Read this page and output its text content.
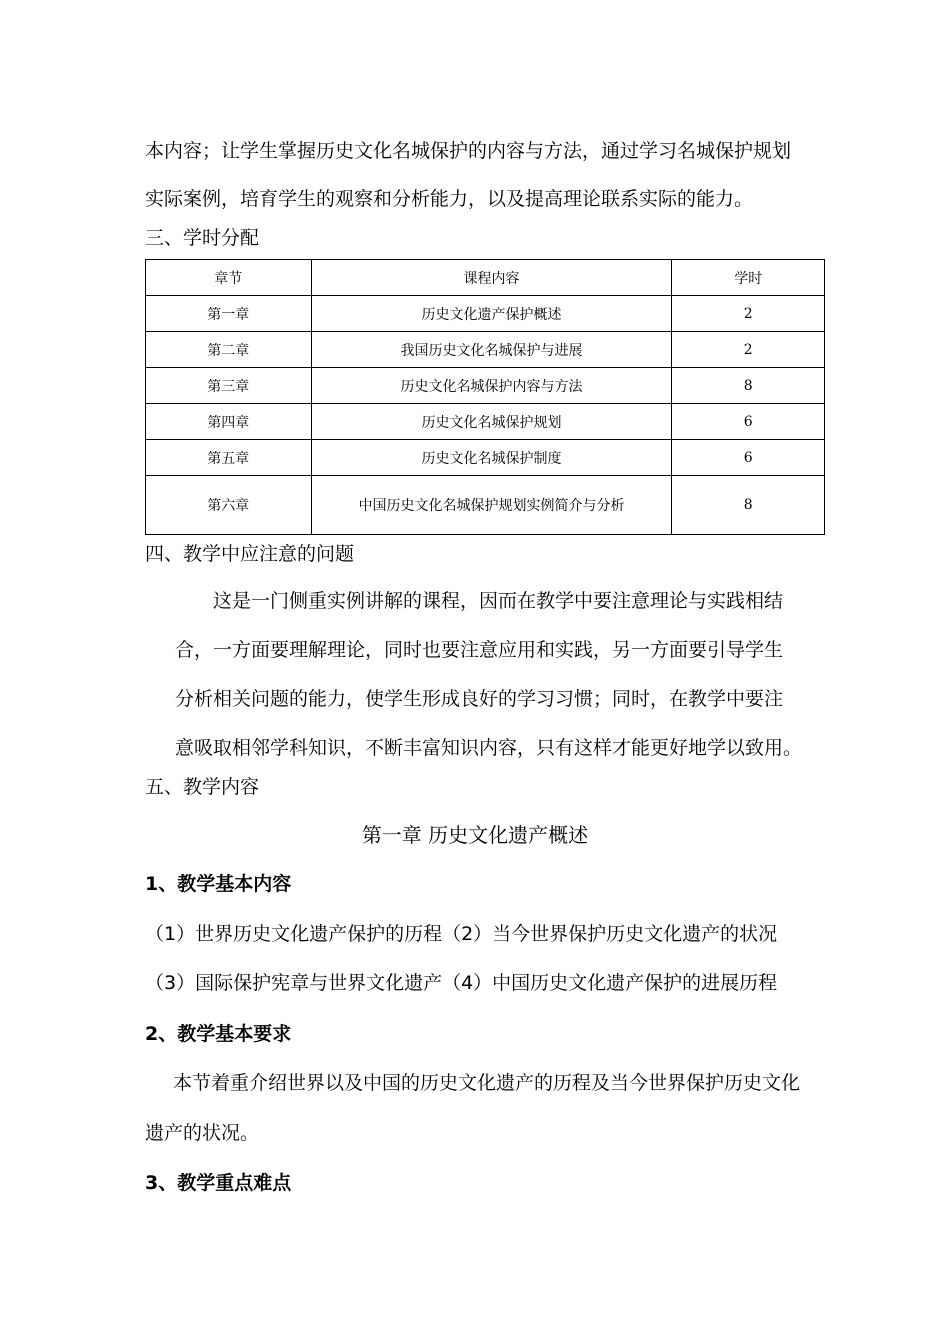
本内容；让学生掌握历史文化名城保护的内容与方法，通过学习名城保护规划
实际案例，培育学生的观察和分析能力，以及提高理论联系实际的能力。
三、学时分配
章节	课程内容	学时
第一章	历史文化遗产保护概述	2
第二章	我国历史文化名城保护与进展	2
第三章	历史文化名城保护内容与方法	8
第四章	历史文化名城保护规划	6
第五章	历史文化名城保护制度	6
第六章	中国历史文化名城保护规划实例简介与分析	8
四、教学中应注意的问题
这是一门侧重实例讲解的课程，因而在教学中要注意理论与实践相结
合，一方面要理解理论，同时也要注意应用和实践，另一方面要引导学生
分析相关问题的能力，使学生形成良好的学习习惯；同时，在教学中要注
意吸取相邻学科知识，不断丰富知识内容，只有这样才能更好地学以致用。
五、教学内容
第一章 历史文化遗产概述
1、教学基本内容
（1）世界历史文化遗产保护的历程（2）当今世界保护历史文化遗产的状况
（3）国际保护宪章与世界文化遗产（4）中国历史文化遗产保护的进展历程
2、教学基本要求
本节着重介绍世界以及中国的历史文化遗产的历程及当今世界保护历史文化
遗产的状况。
3、教学重点难点
